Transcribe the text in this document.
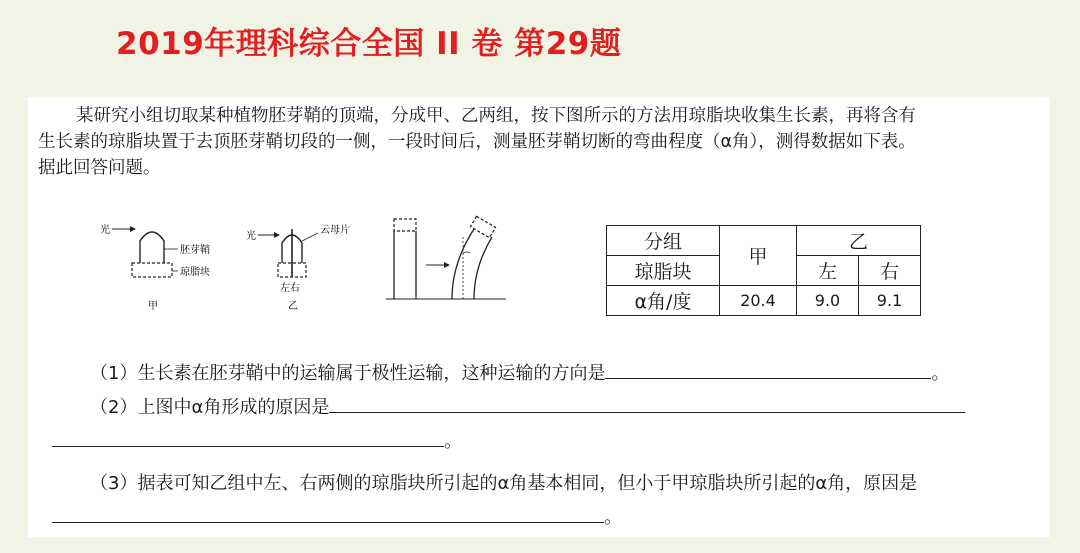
2019年理科综合全国 II 卷 第29题
某研究小组切取某种植物胚芽鞘的顶端，分成甲、乙两组，按下图所示的方法用琼脂块收集生长素，再将含有
生长素的琼脂块置于去顶胚芽鞘切段的一侧，一段时间后，测量胚芽鞘切断的弯曲程度（α角），测得数据如下表。
据此回答问题。
光
胚芽鞘
琼脂块
甲
光
云母片
左右
乙
分组	甲	乙	
琼脂块		左	右
α角/度	20.4	9.0	9.1
（1）生长素在胚芽鞘中的运输属于极性运输，这种运输的方向是	。
（2）上图中α角形成的原因是
。
（3）据表可知乙组中左、右两侧的琼脂块所引起的α角基本相同，但小于甲琼脂块所引起的α角，原因是
。
